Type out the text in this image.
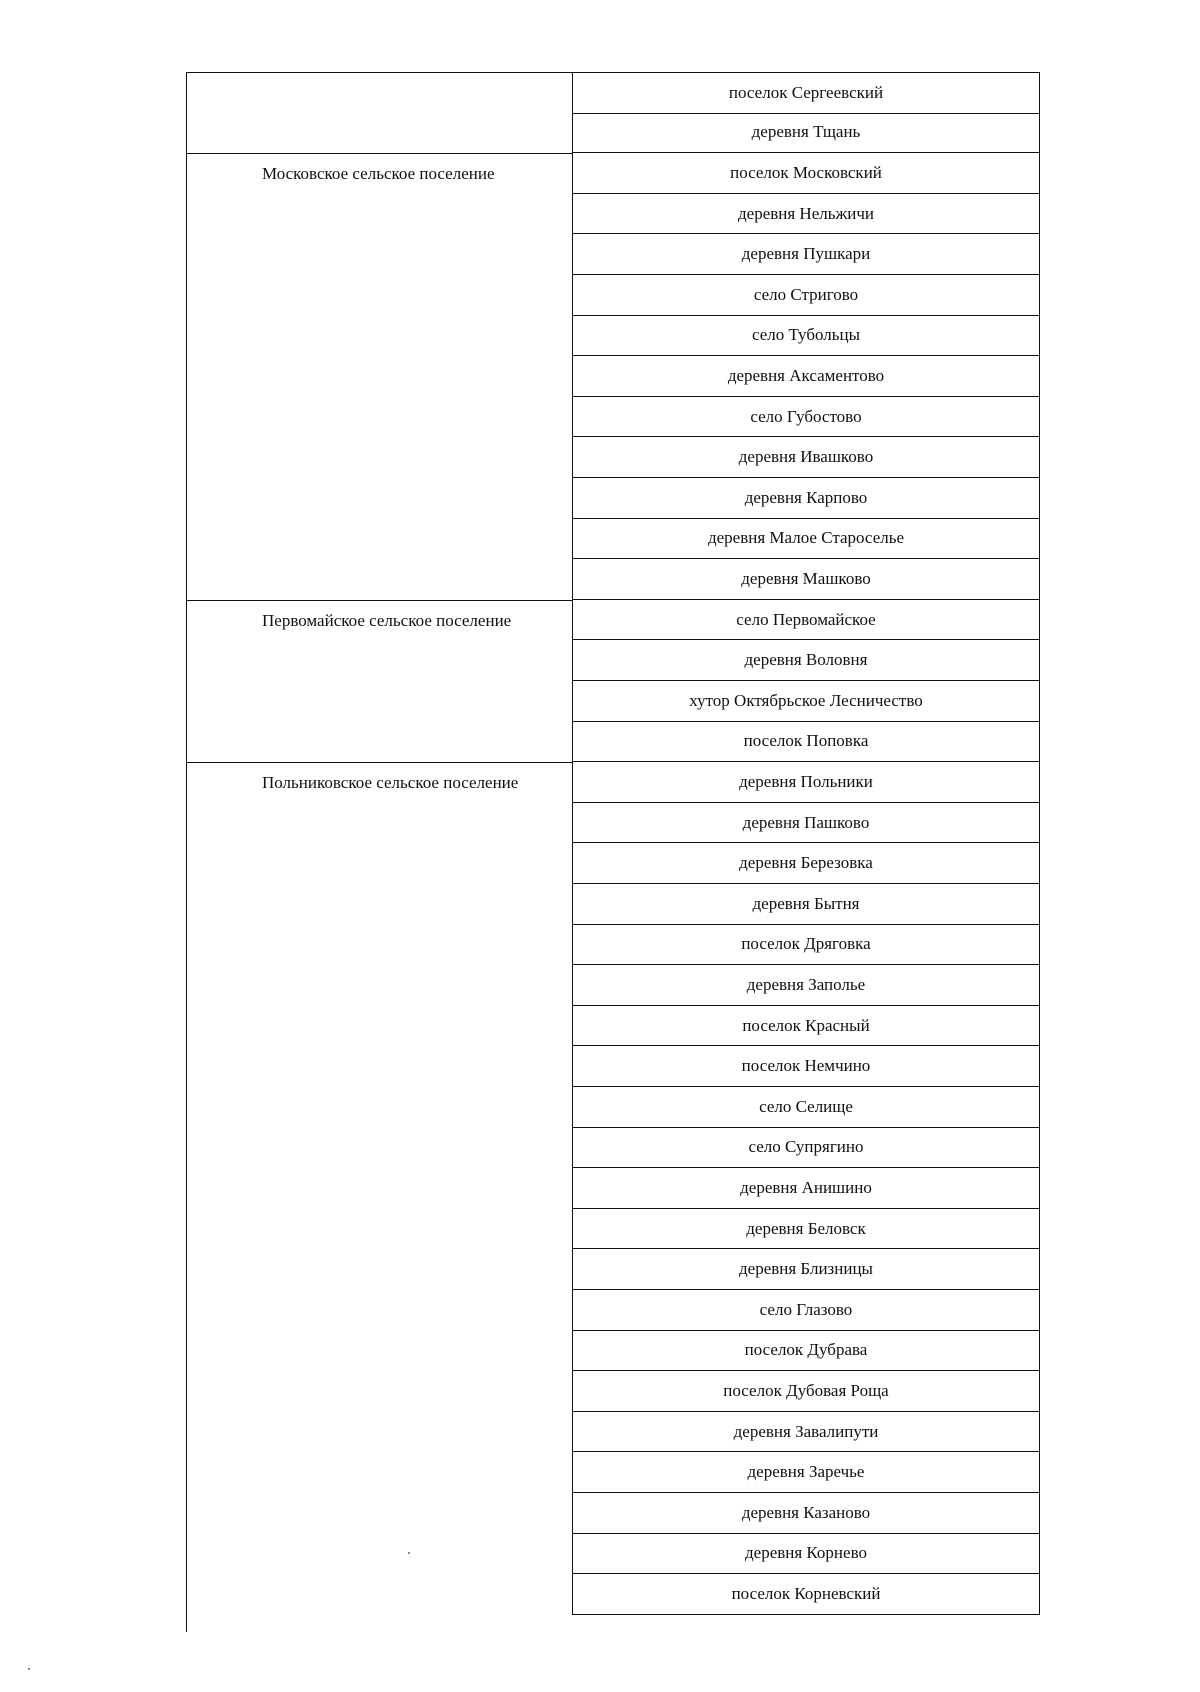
Московское сельское поселение
Первомайское сельское поселение
Польниковское сельское поселение
поселок Сергеевский
деревня Тщань
поселок Московский
деревня Нельжичи
деревня Пушкари
село Стригово
село Тубольцы
деревня Аксаментово
село Губостово
деревня Ивашково
деревня Карпово
деревня Малое Староселье
деревня Машково
село Первомайское
деревня Воловня
хутор Октябрьское Лесничество
поселок Поповка
деревня Польники
деревня Пашково
деревня Березовка
деревня Бытня
поселок Дряговка
деревня Заполье
поселок Красный
поселок Немчино
село Селище
село Супрягино
деревня Анишино
деревня Беловск
деревня Близницы
село Глазово
поселок Дубрава
поселок Дубовая Роща
деревня Завалипути
деревня Заречье
деревня Казаново
деревня Корнево
поселок Корневский
